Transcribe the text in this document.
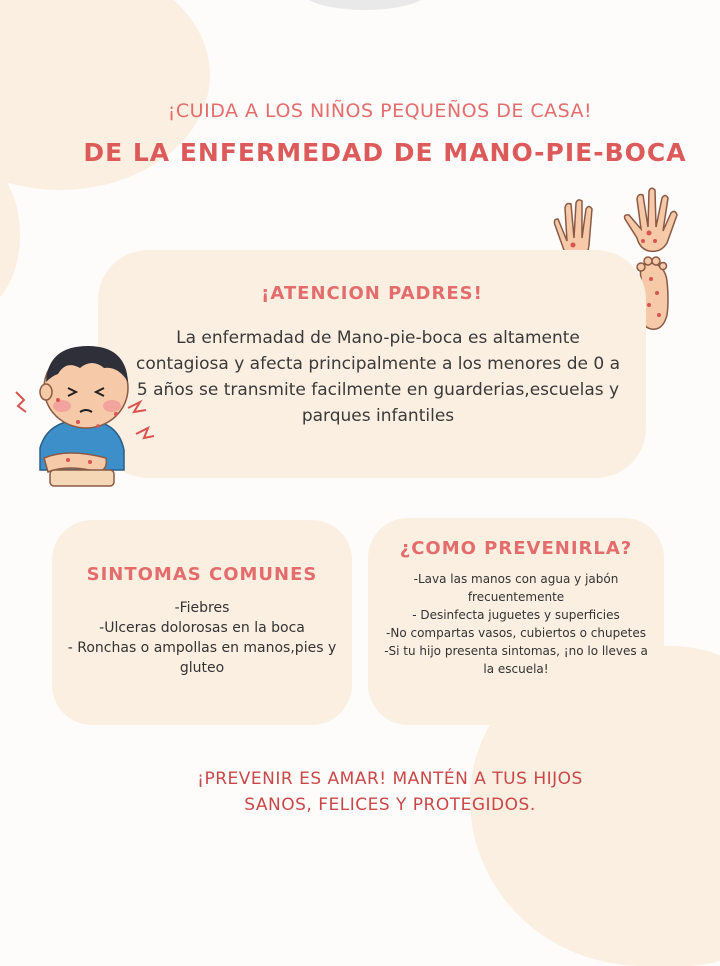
¡CUIDA A LOS NIÑOS PEQUEÑOS DE CASA!
DE LA ENFERMEDAD DE MANO-PIE-BOCA
¡ATENCION PADRES!
La enfermadad de Mano-pie-boca es altamente contagiosa y afecta principalmente a los menores de 0 a 5 años se transmite facilmente en guarderias,escuelas y parques infantiles
SINTOMAS COMUNES
-Fiebres
-Ulceras dolorosas en la boca
- Ronchas o ampollas en manos,pies y gluteo
¿COMO PREVENIRLA?
-Lava las manos con agua y jabón frecuentemente
- Desinfecta juguetes y superficies
-No compartas vasos, cubiertos o chupetes
-Si tu hijo presenta sintomas, ¡no lo lleves a la escuela!
¡PREVENIR ES AMAR! MANTÉN A TUS HIJOS
SANOS, FELICES Y PROTEGIDOS.
